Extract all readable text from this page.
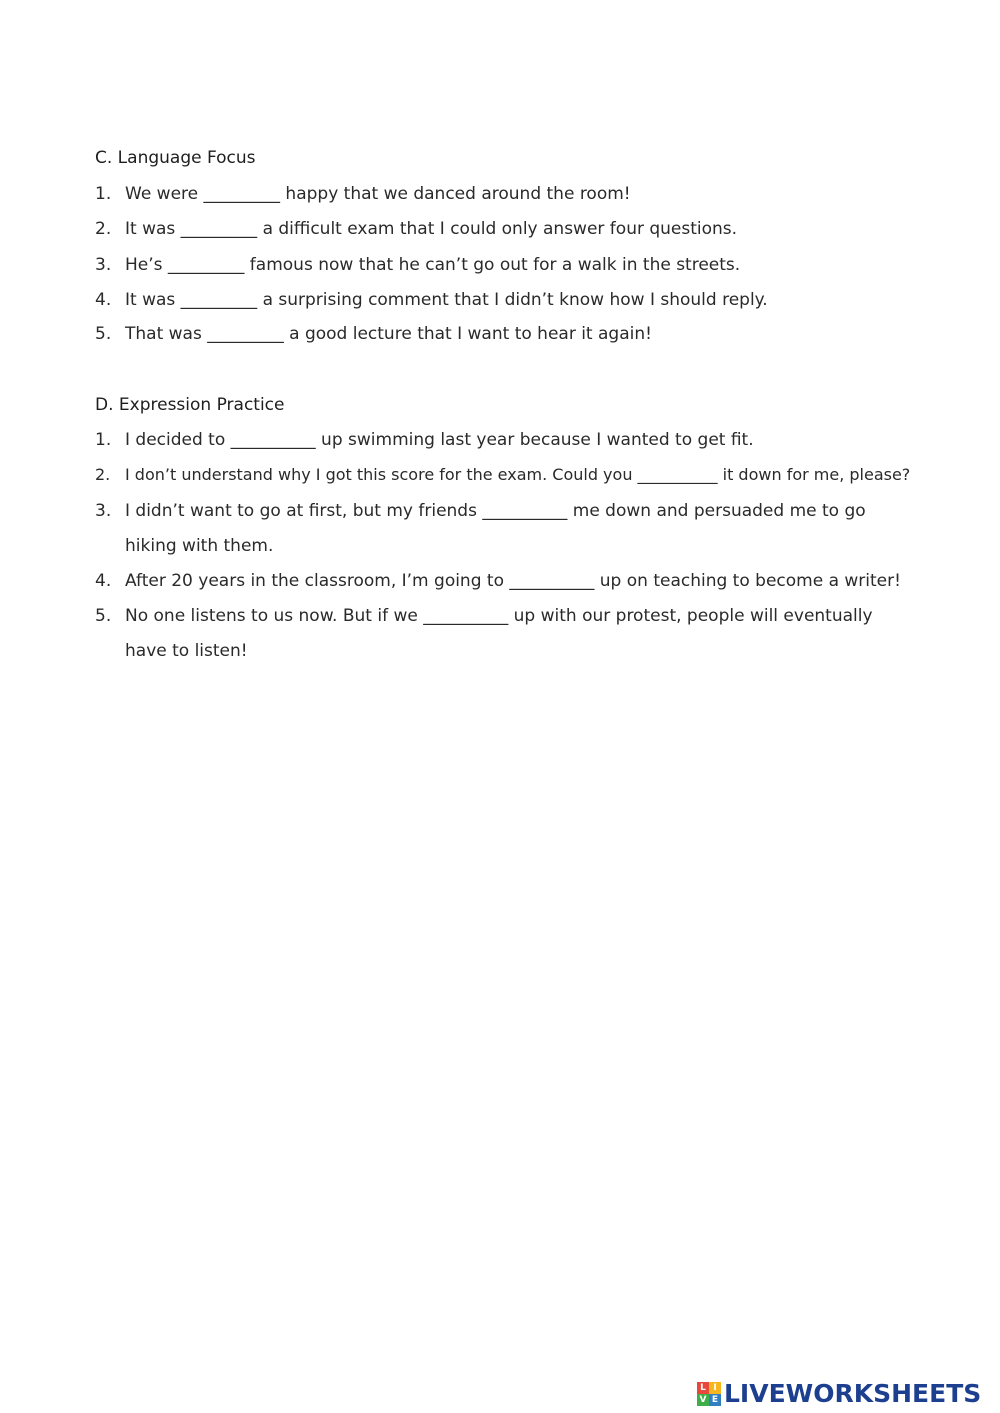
C. Language Focus
1. We were _________ happy that we danced around the room!
2. It was _________ a difficult exam that I could only answer four questions.
3. He’s _________ famous now that he can’t go out for a walk in the streets.
4. It was _________ a surprising comment that I didn’t know how I should reply.
5. That was _________ a good lecture that I want to hear it again!
D. Expression Practice
1. I decided to __________ up swimming last year because I wanted to get fit.
2. I don’t understand why I got this score for the exam. Could you __________ it down for me, please?
3. I didn’t want to go at first, but my friends __________ me down and persuaded me to go
hiking with them.
4. After 20 years in the classroom, I’m going to __________ up on teaching to become a writer!
5. No one listens to us now. But if we __________ up with our protest, people will eventually
have to listen!
L I
V E LIVEWORKSHEETS
